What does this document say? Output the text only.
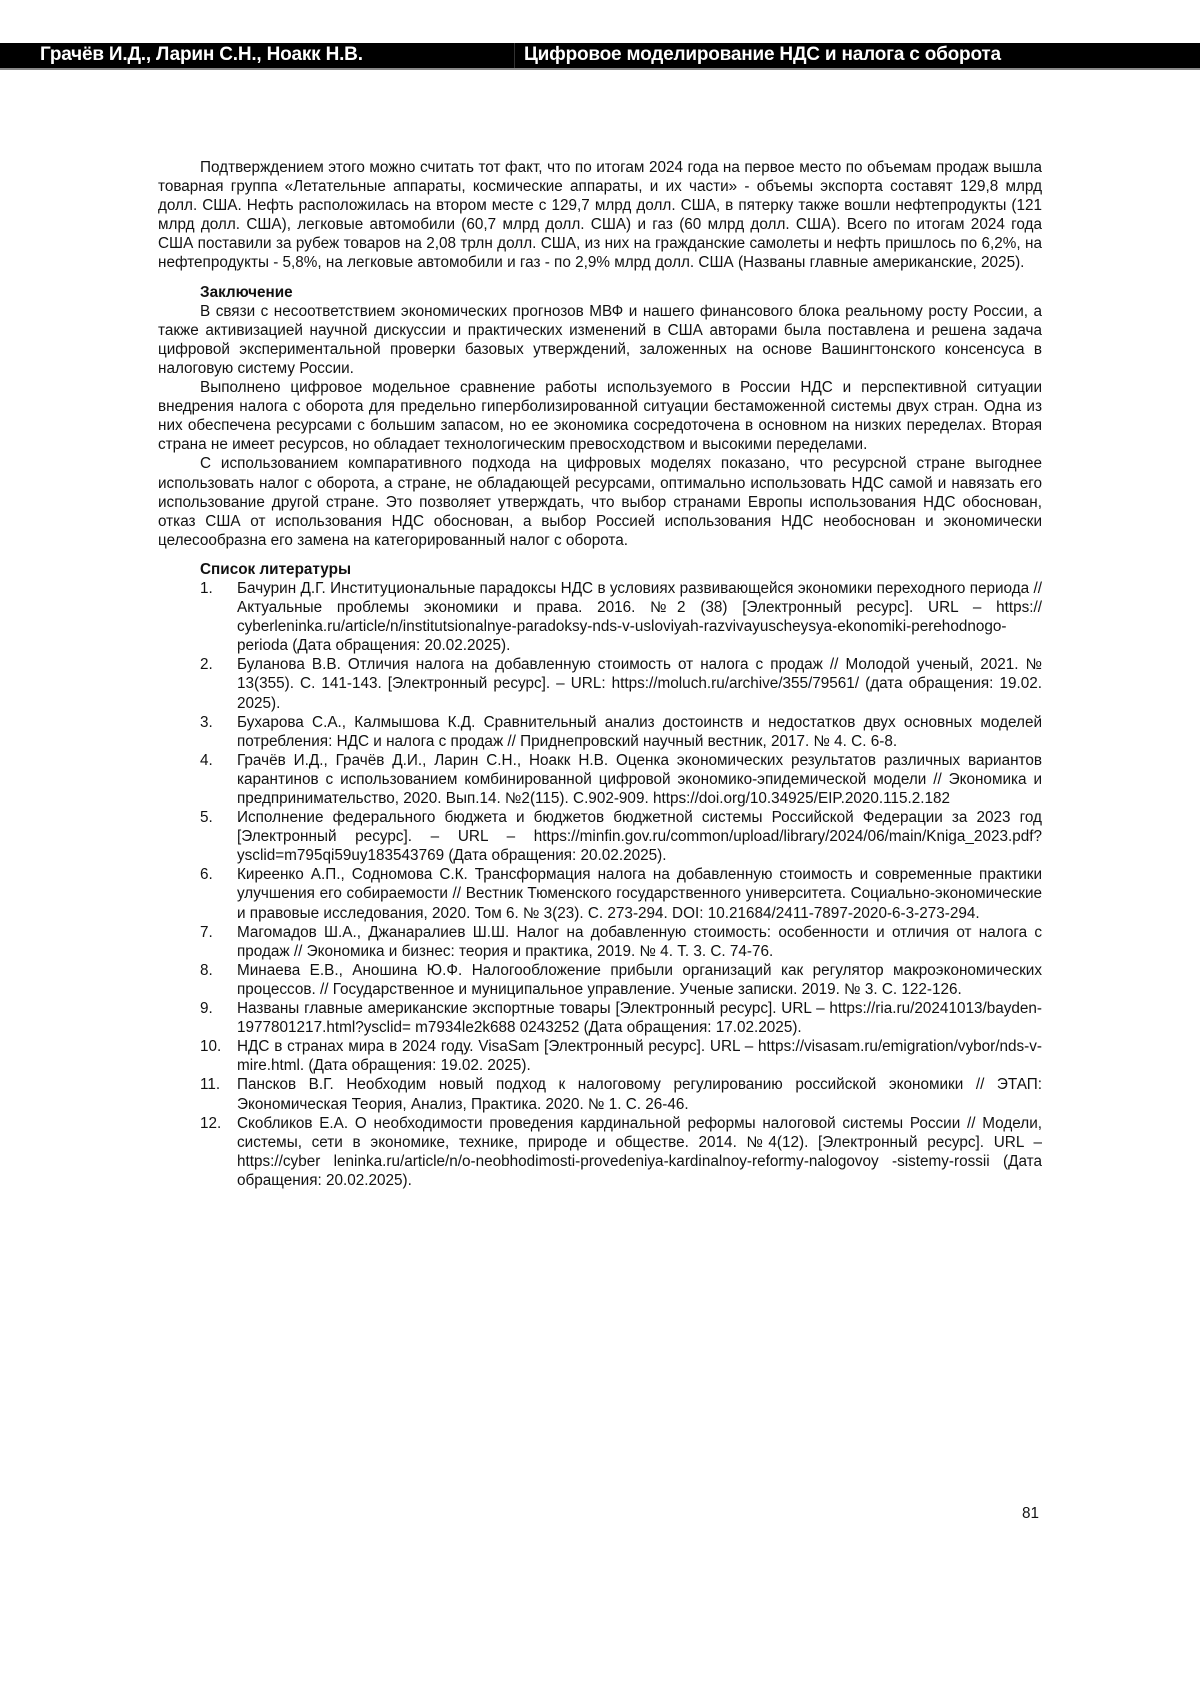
Грачёв И.Д., Ларин С.Н., Ноакк Н.В.	Цифровое моделирование НДС и налога с оборота

Подтверждением этого можно считать тот факт, что по итогам 2024 года на первое место по объемам продаж вышла товарная группа «Летательные аппараты, космические аппараты, и их части» - объемы экспорта составят 129,8 млрд долл. США. Нефть расположилась на втором месте с 129,7 млрд долл. США, в пятерку также вошли нефтепродукты (121 млрд долл. США), легковые автомобили (60,7 млрд долл. США) и газ (60 млрд долл. США). Всего по итогам 2024 года США поставили за рубеж товаров на 2,08 трлн долл. США, из них на гражданские самолеты и нефть пришлось по 6,2%, на нефтепродукты - 5,8%, на легковые автомобили и газ - по 2,9% млрд долл. США (Названы главные американские, 2025).

Заключение

В связи с несоответствием экономических прогнозов МВФ и нашего финансового блока реальному росту России, а также активизацией научной дискуссии и практических изменений в США авторами была поставлена и решена задача цифровой экспериментальной проверки базовых утверждений, заложенных на основе Вашингтонского консенсуса в налоговую систему России.

Выполнено цифровое модельное сравнение работы используемого в России НДС и перспективной ситуации внедрения налога с оборота для предельно гиперболизированной ситуации бестаможенной системы двух стран. Одна из них обеспечена ресурсами с большим запасом, но ее экономика сосредоточена в основном на низких переделах. Вторая страна не имеет ресурсов, но обладает технологическим превосходством и высокими переделами.

С использованием компаративного подхода на цифровых моделях показано, что ресурсной стране выгоднее использовать налог с оборота, а стране, не обладающей ресурсами, оптимально использовать НДС самой и навязать его использование другой стране. Это позволяет утверждать, что выбор странами Европы использования НДС обоснован, отказ США от использования НДС обоснован, а выбор Россией использования НДС необоснован и экономически целесообразна его замена на категорированный налог с оборота.

Список литературы
1. Бачурин Д.Г. Институциональные парадоксы НДС в условиях развивающейся экономики переходного периода // Актуальные проблемы экономики и права. 2016. №2 (38) [Электронный ресурс]. URL – https:// cyberleninka.ru/article/n/institutsionalnye-paradoksy-nds-v-usloviyah-razvivayuscheysya-ekonomiki-perehodnogo-perioda (Дата обращения: 20.02.2025).
2. Буланова В.В. Отличия налога на добавленную стоимость от налога с продаж // Молодой ученый, 2021. № 13(355). С. 141-143. [Электронный ресурс]. – URL: https://moluch.ru/archive/355/79561/ (дата обращения: 19.02. 2025).
3. Бухарова С.А., Калмышова К.Д. Сравнительный анализ достоинств и недостатков двух основных моделей потребления: НДС и налога с продаж // Приднепровский научный вестник, 2017. № 4. С. 6-8.
4. Грачёв И.Д., Грачёв Д.И., Ларин С.Н., Ноакк Н.В. Оценка экономических результатов различных вариантов карантинов с использованием комбинированной цифровой экономико-эпидемической модели // Экономика и предпринимательство, 2020. Вып.14. №2(115). С.902-909. https://doi.org/10.34925/EIP.2020.115.2.182
5. Исполнение федерального бюджета и бюджетов бюджетной системы Российской Федерации за 2023 год [Электронный ресурс]. – URL – https://minfin.gov.ru/common/upload/library/2024/06/main/Kniga_2023.pdf?ysclid=m795qi59uy183543769 (Дата обращения: 20.02.2025).
6. Киреенко А.П., Содномова С.К. Трансформация налога на добавленную стоимость и современные практики улучшения его собираемости // Вестник Тюменского государственного университета. Социально-экономические и правовые исследования, 2020. Том 6. № 3(23). С. 273-294. DOI: 10.21684/2411-7897-2020-6-3-273-294.
7. Магомадов Ш.А., Джанаралиев Ш.Ш. Налог на добавленную стоимость: особенности и отличия от налога с продаж // Экономика и бизнес: теория и практика, 2019. № 4. Т. 3. С. 74-76.
8. Минаева Е.В., Аношина Ю.Ф. Налогообложение прибыли организаций как регулятор макроэкономических процессов. // Государственное и муниципальное управление. Ученые записки. 2019. № 3. С. 122-126.
9. Названы главные американские экспортные товары [Электронный ресурс]. URL – https://ria.ru/20241013/bayden-1977801217.html?ysclid= m7934le2k688 0243252 (Дата обращения: 17.02.2025).
10. НДС в странах мира в 2024 году. VisaSam [Электронный ресурс]. URL – https://visasam.ru/emigration/vybor/nds-v-mire.html. (Дата обращения: 19.02. 2025).
11. Пансков В.Г. Необходим новый подход к налоговому регулированию российской экономики // ЭТАП: Экономическая Теория, Анализ, Практика. 2020. № 1. С. 26-46.
12. Скобликов Е.А. О необходимости проведения кардинальной реформы налоговой системы России // Модели, системы, сети в экономике, технике, природе и обществе. 2014. №4(12). [Электронный ресурс]. URL – https://cyber leninka.ru/article/n/o-neobhodimosti-provedeniya-kardinalnoy-reformy-nalogovoy -sistemy-rossii (Дата обращения: 20.02.2025).
81
